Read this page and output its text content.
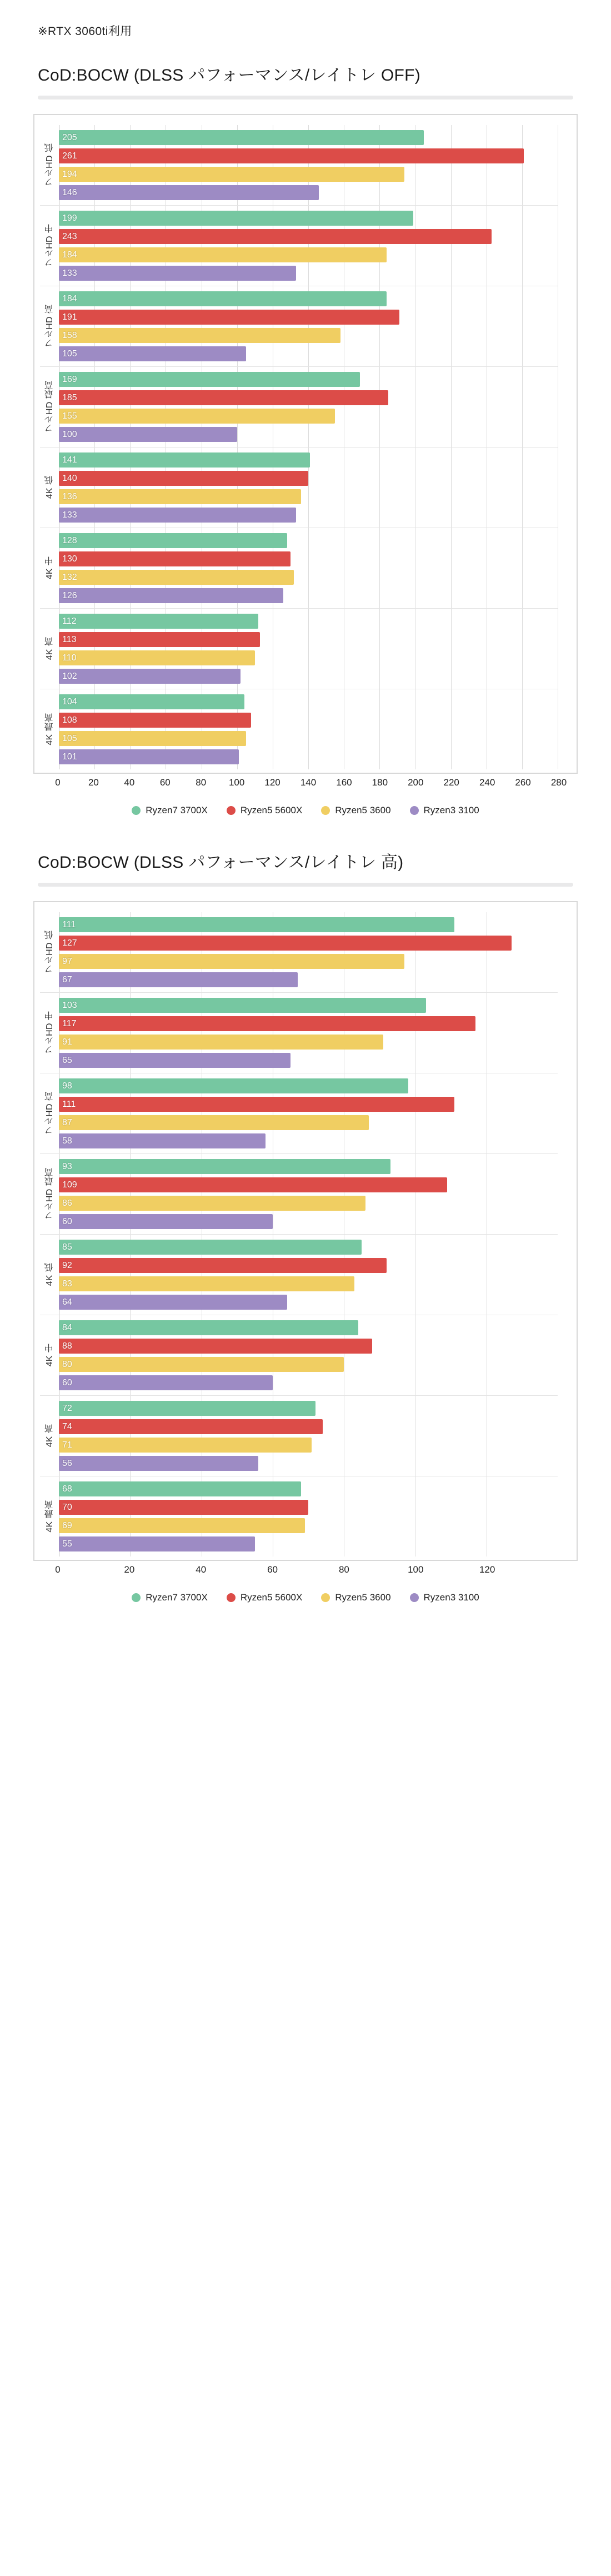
※RTX 3060ti利用
CoD:BOCW (DLSS パフォーマンス/レイトレ OFF)
フルHD 低
205
261
194
146
フルHD 中
199
243
184
133
フルHD 高
184
191
158
105
フルHD 最高
169
185
155
100
4K 低
141
140
136
133
4K 中
128
130
132
126
4K 高
112
113
110
102
4K 最高
104
108
105
101
0	20	40	60	80 100 120 140 160 180 200 220 240 260 280
Ryzen7 3700X	Ryzen5 5600X	Ryzen5 3600	Ryzen3 3100
CoD:BOCW (DLSS パフォーマンス/レイトレ 高)
フルHD 低
111
127
97
67
フルHD 中
103
117
91
65
フルHD 高
98
111
87
58
フルHD 最高
93
109
86
60
4K 低
85
92
83
64
4K 中
84
88
80
60
4K 高
72
74
71
56
4K 最高
68
70
69
55
0	20	40	60	80	100	120
Ryzen7 3700X	Ryzen5 5600X	Ryzen5 3600	Ryzen3 3100
